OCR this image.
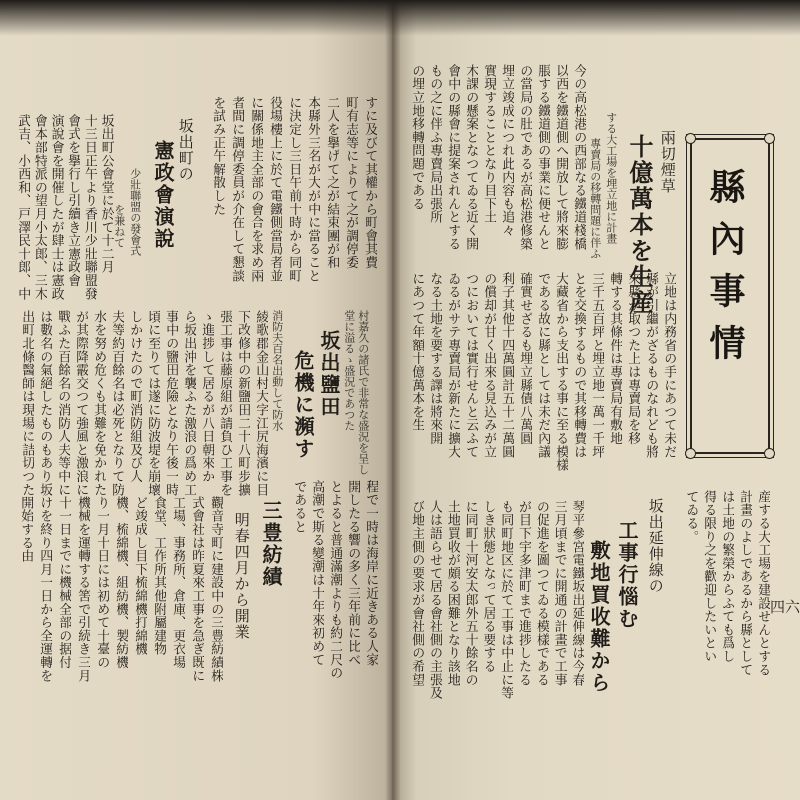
縣內事情
四六
兩切煙草
十億萬本を生産
する大工場を埋立地に計畫
專賣局の移轉問題に伴ふ
今の高松港の西部なる鐵道棧橋
以西を鐵道側へ開放して將來膨
脹する鐵道側の事業に便せんと
の當局の肚であるが高松港修築
埋立竣成につれ此内容も追々
實現することとなり目下土
木課の懸案となつてゐる近く開
會中の縣會に提案されんとする
もの之に伴ふ專賣局出張所
の埋立地移轉問題である
立地は内務省の手にあつて未だ
縣が引繼がざるものなれども將
來縣が取つた上は專賣局を移
轉する其條件は專賣局有敷地
三千五百坪と埋立地一萬一千坪
とを交換するもので其移轉費は
大藏省から支出する事に至る模樣
である故に縣としては未だ內議
確實せざるも埋立縣債八萬圓
利子其他十四萬圓計五十二萬圓
の償却が甘く出來る見込みが立
つにおいては實行せんと云ふて
ゐるがサテ專賣局が新たに擴大
なる土地を要する譯は將來開
にあつて年額十億萬本を生
産する大工場を建設せんとする
計畫のよしであるから縣として
は土地の繁榮からふても爲し
得る限り之を歡迎したいとい
てゐる。
坂出延伸線の
工事行惱む
敷地買收難から
琴平參宮電鐵坂出延伸線は今春
三月頃までに開通の計畫で工事
の促進を圖つてゐる模樣である
が目下宇多津町まで進捗したる
も同町地区に於て工事は中止に等
しき狀態となって居る要する
に同町十河安太郎外五十餘名の
土地買收が頗る困難となり該地
人は語らせて居る會社側の主張及
び地主側の要求が會社側の希望
すに及びて其權から町會其費
町有志等によりて之が調停委
二人を擧げて之が結束團が和
本縣外三名が大が中に當ること
に決定し三日午前十時から同町
役場樓上に於て電鐵側當局者並
に關係地主全部の會合を求め兩
者間に調停委員が介在して懇談
を試み正午解散した
坂出町の
憲政會演說
少壯聯盟の發會式
を兼ねて
坂出町公會堂に於て十二月
十三日正午より香川少壯聯盟發
會式を擧行し引續き立憲政會
演說會を開催したが肆士は憲政
會本部特派の望月小太郎、三木
武吉、小西和、戸澤民十郎、中
村嘉久の諸氏で非常な盛況を呈し
堂に溢るゝ盛況であつた
坂出鹽田
危機に瀕す
消防夫百名出動して防水
綾歌郡金山村大字江尻海濱に目
下改修中の新鹽田二十八町步擴
張工事は藤原組が請負ひ工事を
ゝ進捗して居るが八日朝來か
ら坂出沖を襲ふた激浪の爲め工
事中の鹽田危險となり午後一時
頃に至りては遂に防波堤を崩壞
しかけたので町消防組及び人
夫等約百餘名は必死となりて防
水を努め危くも其難を免かれた
が其際降霰交つて強風と激浪に
戰ふた百餘名の消防人夫等中に
は數名の氣絕したものもあり坂
出町北條醫師は現場に詰切つた
程で一時は海岸に近きある人家
開したる響の多く三年前に比べ
とよると普通滿潮よりも約二尺の
高潮で斯る變潮は十年來初めて
であると
三豊紡績
明春四月から開業
觀音寺町に建設中の三豊紡績株
式會社は昨夏來工事を急ぎ既に
工場、事務所、倉庫、更衣場
食堂、工作所其他附屬建物
ど竣成し目下梳綿機打綿機
機、梳綿機、組紡機、製紡機
り一月十日には初めて十臺の
機械を運轉する筈で引続き三月
十一日までに機械全部の据付
けを終り四月一日から全運轉を
開始する由
